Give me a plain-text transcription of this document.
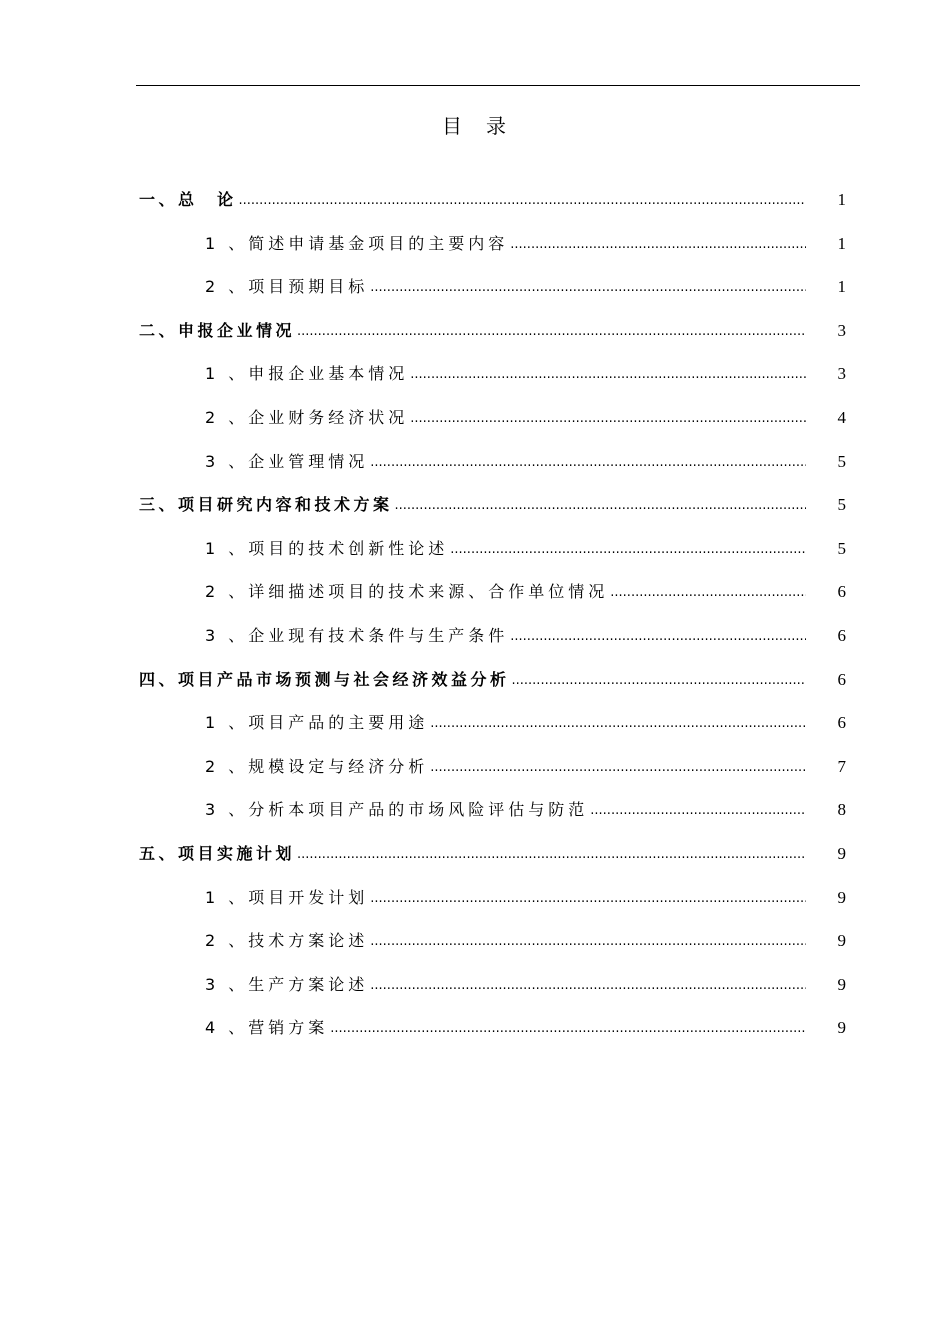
目　录
一、总　论 .....	1
1 、简述申请基金项目的主要内容 .....	1
2 、项目预期目标 .....	1
二、申报企业情况 .....	3
1 、申报企业基本情况 .....	3
2 、企业财务经济状况 .....	4
3 、企业管理情况 .....	5
三、项目研究内容和技术方案 .....	5
1 、项目的技术创新性论述 .....	5
2 、详细描述项目的技术来源、合作单位情况 .....	6
3 、企业现有技术条件与生产条件 .....	6
四、项目产品市场预测与社会经济效益分析 .....	6
1 、项目产品的主要用途 .....	6
2 、规模设定与经济分析 .....	7
3 、分析本项目产品的市场风险评估与防范 .....	8
五、项目实施计划 .....	9
1 、项目开发计划 .....	9
2 、技术方案论述 .....	9
3 、生产方案论述 .....	9
4 、营销方案 .....	9
